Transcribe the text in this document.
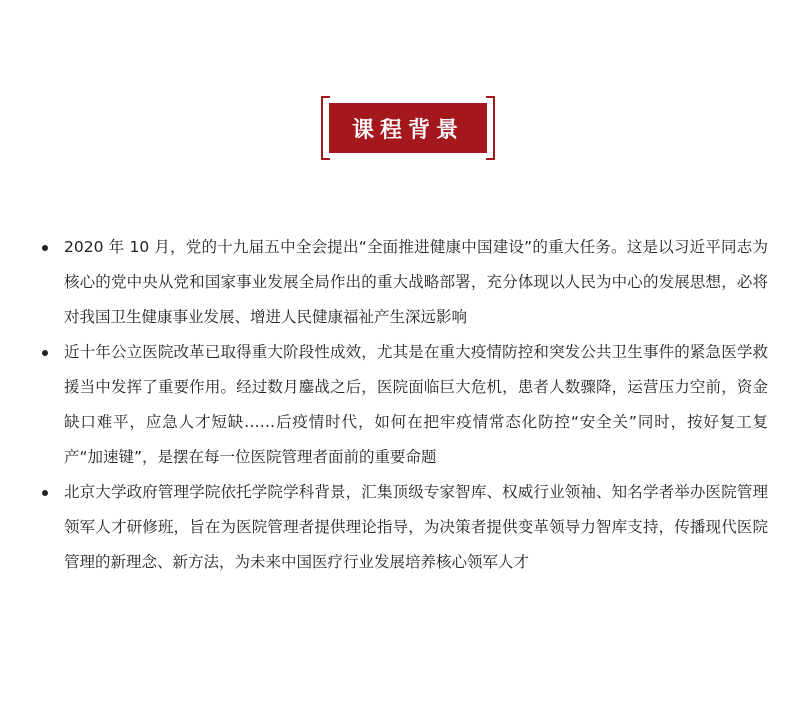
课程背景

2020 年 10 月，党的十九届五中全会提出“全面推进健康中国建设”的重大任务。这是以习近平同志为核心的党中央从党和国家事业发展全局作出的重大战略部署，充分体现以人民为中心的发展思想，必将对我国卫生健康事业发展、增进人民健康福祉产生深远影响

近十年公立医院改革已取得重大阶段性成效，尤其是在重大疫情防控和突发公共卫生事件的紧急医学救援当中发挥了重要作用。经过数月鏖战之后，医院面临巨大危机，患者人数骤降，运营压力空前，资金缺口难平，应急人才短缺……后疫情时代，如何在把牢疫情常态化防控“安全关”同时，按好复工复产“加速键”，是摆在每一位医院管理者面前的重要命题

北京大学政府管理学院依托学院学科背景，汇集顶级专家智库、权威行业领袖、知名学者举办医院管理领军人才研修班，旨在为医院管理者提供理论指导，为决策者提供变革领导力智库支持，传播现代医院管理的新理念、新方法，为未来中国医疗行业发展培养核心领军人才
